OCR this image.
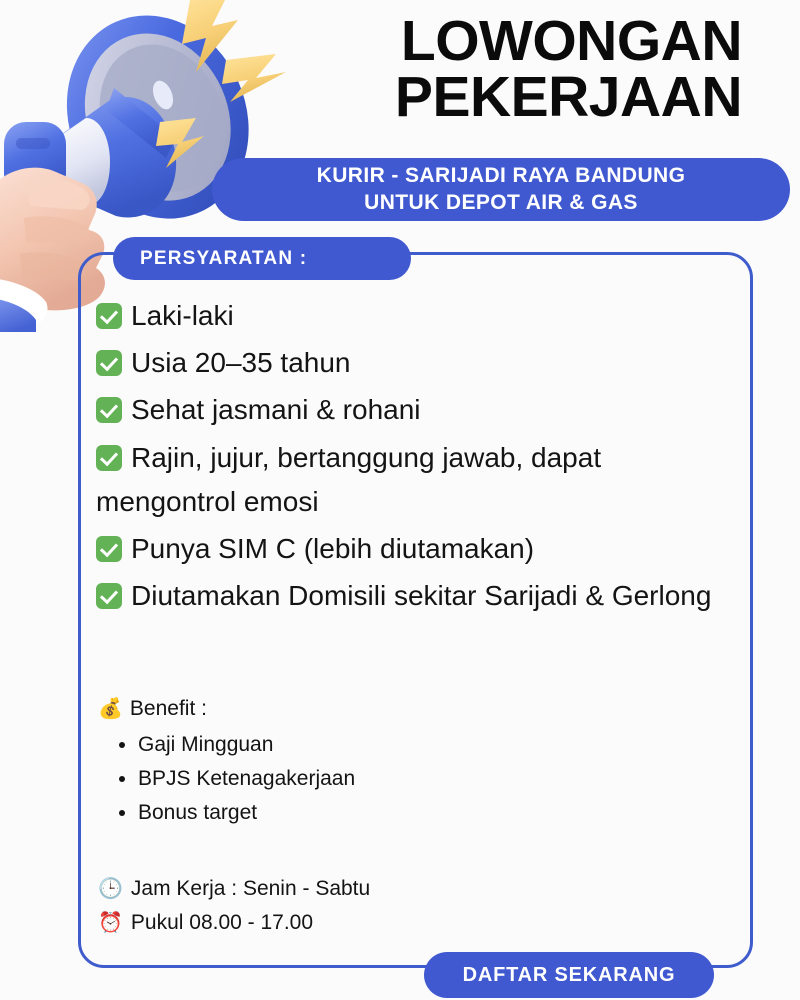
LOWONGAN
PEKERJAAN
KURIR - SARIJADI RAYA BANDUNG
UNTUK DEPOT AIR & GAS
PERSYARATAN :
Laki-laki
Usia 20–35 tahun
Sehat jasmani & rohani
Rajin, jujur, bertanggung jawab, dapat mengontrol emosi
Punya SIM C (lebih diutamakan)
Diutamakan Domisili sekitar Sarijadi & Gerlong
💰 Benefit :
• Gaji Mingguan
• BPJS Ketenagakerjaan
• Bonus target
🕒 Jam Kerja : Senin - Sabtu
⏰ Pukul 08.00 - 17.00
DAFTAR SEKARANG
